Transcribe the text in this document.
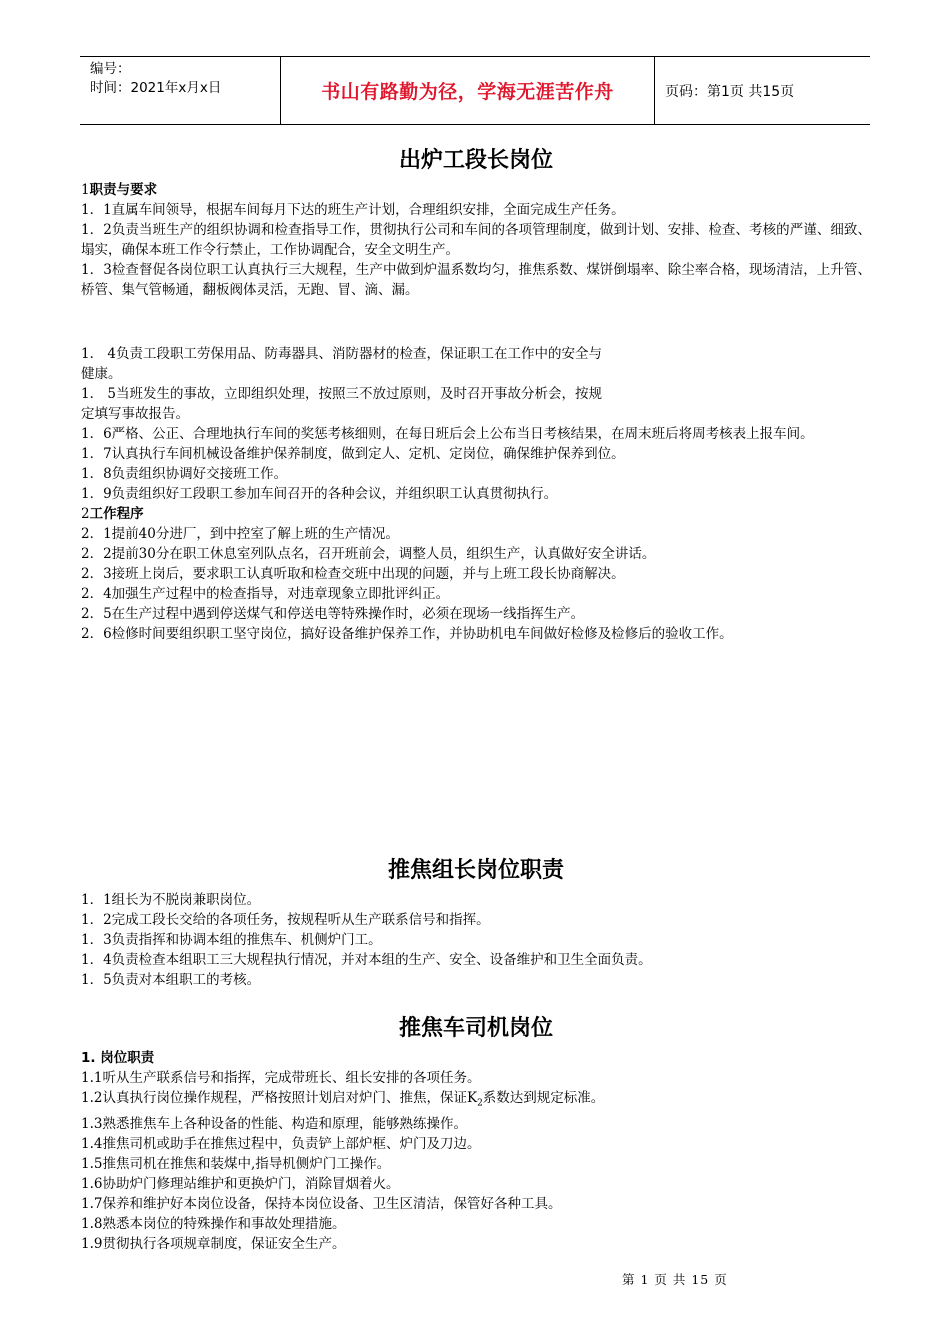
编号：
时间：2021年x月x日	书山有路勤为径，学海无涯苦作舟	页码：第1页 共15页
出炉工段长岗位
1职责与要求

1．1直属车间领导，根据车间每月下达的班生产计划，合理组织安排，全面完成生产任务。

1．2负责当班生产的组织协调和检查指导工作，贯彻执行公司和车间的各项管理制度，做到计划、安排、检查、考核的严谨、细致、塌实，确保本班工作令行禁止，工作协调配合，安全文明生产。

1．3检查督促各岗位职工认真执行三大规程，生产中做到炉温系数均匀，推焦系数、煤饼倒塌率、除尘率合格，现场清洁，上升管、桥管、集气管畅通，翻板阀体灵活，无跑、冒、滴、漏。

1． 4负责工段职工劳保用品、防毒器具、消防器材的检查，保证职工在工作中的安全与

健康。

1． 5当班发生的事故，立即组织处理，按照三不放过原则，及时召开事故分析会，按规

定填写事故报告。

1．6严格、公正、合理地执行车间的奖惩考核细则，在每日班后会上公布当日考核结果，在周末班后将周考核表上报车间。

1．7认真执行车间机械设备维护保养制度，做到定人、定机、定岗位，确保维护保养到位。

1．8负责组织协调好交接班工作。

1．9负责组织好工段职工参加车间召开的各种会议，并组织职工认真贯彻执行。

2工作程序

2．1提前40分进厂，到中控室了解上班的生产情况。

2．2提前30分在职工休息室列队点名，召开班前会，调整人员，组织生产，认真做好安全讲话。

2．3接班上岗后，要求职工认真听取和检查交班中出现的问题，并与上班工段长协商解决。

2．4加强生产过程中的检查指导，对违章现象立即批评纠正。

2．5在生产过程中遇到停送煤气和停送电等特殊操作时，必须在现场一线指挥生产。

2．6检修时间要组织职工坚守岗位，搞好设备维护保养工作，并协助机电车间做好检修及检修后的验收工作。

推焦组长岗位职责

1．1组长为不脱岗兼职岗位。

1．2完成工段长交给的各项任务，按规程听从生产联系信号和指挥。

1．3负责指挥和协调本组的推焦车、机侧炉门工。

1．4负责检查本组职工三大规程执行情况，并对本组的生产、安全、设备维护和卫生全面负责。

1．5负责对本组职工的考核。

推焦车司机岗位
1. 岗位职责

1.1听从生产联系信号和指挥，完成带班长、组长安排的各项任务。

1.2认真执行岗位操作规程，严格按照计划启对炉门、推焦，保证$K_2$系数达到规定标准。

1.3熟悉推焦车上各种设备的性能、构造和原理，能够熟练操作。

1.4推焦司机或助手在推焦过程中，负责铲上部炉框、炉门及刀边。

1.5推焦司机在推焦和装煤中,指导机侧炉门工操作。

1.6协助炉门修理站维护和更换炉门，消除冒烟着火。

1.7保养和维护好本岗位设备，保持本岗位设备、卫生区清洁，保管好各种工具。

1.8熟悉本岗位的特殊操作和事故处理措施。

1.9贯彻执行各项规章制度，保证安全生产。

第 1 页 共 15 页
